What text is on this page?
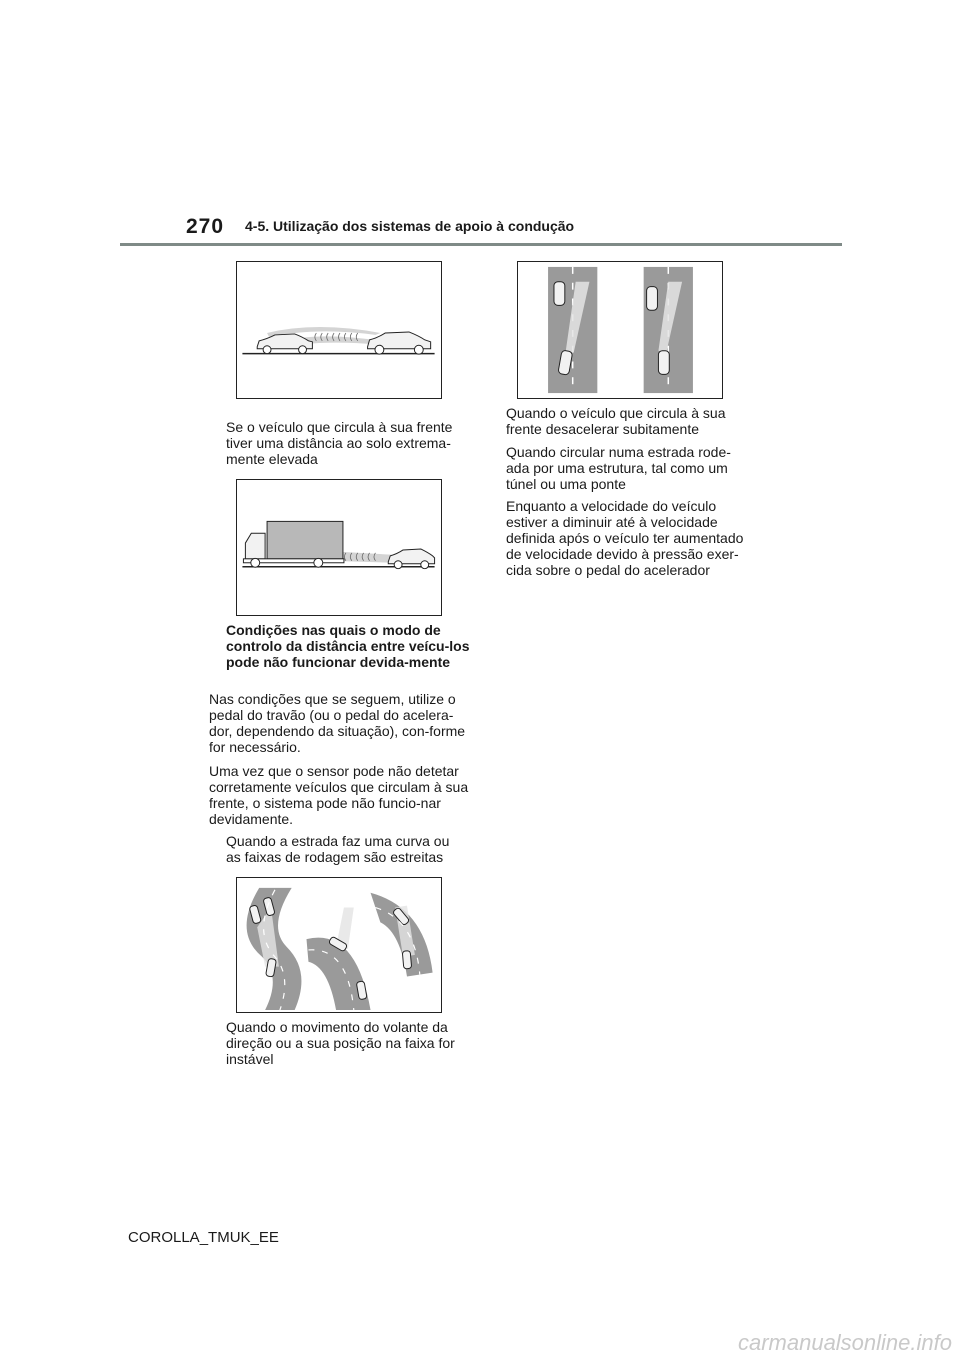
270 4-5. Utilização dos sistemas de apoio à condução
Se o veículo que circula à sua frente tiver uma distância ao solo extrema-mente elevada
Condições nas quais o modo de controlo da distância entre veícu-los pode não funcionar devida-mente
Nas condições que se seguem, utilize o pedal do travão (ou o pedal do acelera-dor, dependendo da situação), con-forme for necessário.
Uma vez que o sensor pode não detetar corretamente veículos que circulam à sua frente, o sistema pode não funcio-nar devidamente.
Quando a estrada faz uma curva ou as faixas de rodagem são estreitas
Quando o movimento do volante da direção ou a sua posição na faixa for instável
Quando o veículo que circula à sua frente desacelerar subitamente
Quando circular numa estrada rode-ada por uma estrutura, tal como um túnel ou uma ponte
Enquanto a velocidade do veículo estiver a diminuir até à velocidade definida após o veículo ter aumentado de velocidade devido à pressão exer-cida sobre o pedal do acelerador
COROLLA_TMUK_EE
carmanualsonline.info
